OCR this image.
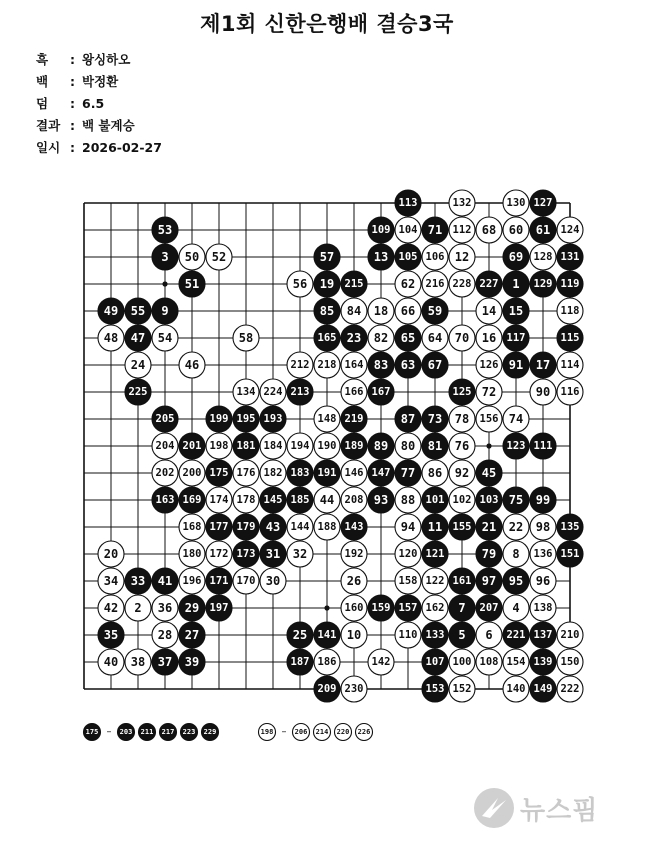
제1회 신한은행배 결승3국
흑 : 왕싱하오
백 : 박정환
덤 : 6.5
결과 : 백 불계승
일시 : 2026-02-27
113	132	130 127
53	109 104 71 112 68 60 61 124
3 50 52	57	13 105 106 12	69 128 131
51	56 19 215	62 216 228 227 1 129 119
49 55 9	85 84 18 66 59	14 15	118
48 47 54	58	165 23 82 65 64 70 16 117	115
24	46	212 218 164 83 63 67	126 91 17 114
225	134 224 213	166 167	125 72	90 116
205	199 195 193	148 219	87 73 78 156 74
204 201 198 181 184 194 190 189 89 80 81 76	123 111
202 200 175 176 182 183 191 146 147 77 86 92 45
163 169 174 178 145 185 44 208 93 88 101 102 103 75 99
168 177 179 43 144 188 143	94 11 155 21 22 98 135
20	180 172 173 31 32	192	120 121	79 8 136 151
34 33 41 196 171 170 30	26	158 122 161 97 95 96
42 2 36 29 197	160 159 157 162 7 207 4 138
35	28 27	25 141 10	110 133 5 6 221 137 210
40 38 37 39	187 186	142	107 100 108 154 139 150
209 230	153 152	140 149 222
175 – 203 211 217 223 229	198 – 206 214 220 226
뉴스핌
